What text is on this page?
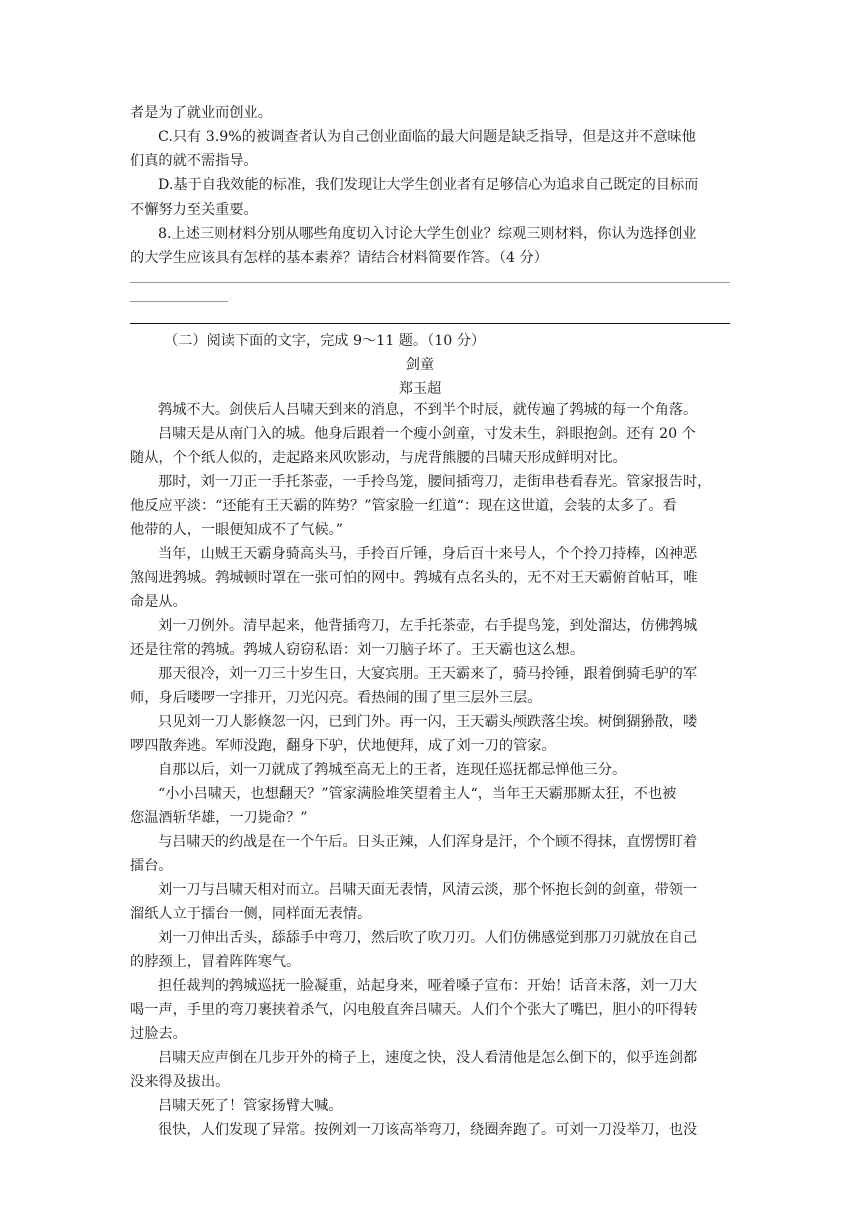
者是为了就业而创业。
C.只有 3.9%的被调查者认为自己创业面临的最大问题是缺乏指导，但是这并不意味他
们真的就不需指导。
D.基于自我效能的标准，我们发现让大学生创业者有足够信心为追求自己既定的目标而
不懈努力至关重要。
8.上述三则材料分别从哪些角度切入讨论大学生创业？综观三则材料，你认为选择创业
的大学生应该具有怎样的基本素养？请结合材料简要作答。（4 分）
（二）阅读下面的文字，完成 9～11 题。（10 分）
剑童
郑玉超
鹁城不大。剑侠后人吕啸天到来的消息，不到半个时辰，就传遍了鹁城的每一个角落。
吕啸天是从南门入的城。他身后跟着一个瘦小剑童，寸发未生，斜眼抱剑。还有 20 个
随从，个个纸人似的，走起路来风吹影动，与虎背熊腰的吕啸天形成鲜明对比。
那时，刘一刀正一手托茶壶，一手拎鸟笼，腰间插弯刀，走街串巷看春光。管家报告时，
他反应平淡：“还能有王天霸的阵势？”管家脸一红道“：现在这世道，会装的太多了。看
他带的人，一眼便知成不了气候。”
当年，山贼王天霸身骑高头马，手拎百斤锤，身后百十来号人，个个拎刀持棒，凶神恶
煞闯进鹁城。鹁城顿时罩在一张可怕的网中。鹁城有点名头的，无不对王天霸俯首帖耳，唯
命是从。
刘一刀例外。清早起来，他背插弯刀，左手托茶壶，右手提鸟笼，到处溜达，仿佛鹁城
还是往常的鹁城。鹁城人窃窃私语：刘一刀脑子坏了。王天霸也这么想。
那天很冷，刘一刀三十岁生日，大宴宾朋。王天霸来了，骑马拎锤，跟着倒骑毛驴的军
师，身后喽啰一字排开，刀光闪亮。看热闹的围了里三层外三层。
只见刘一刀人影倏忽一闪，已到门外。再一闪，王天霸头颅跌落尘埃。树倒猢狲散，喽
啰四散奔逃。军师没跑，翻身下驴，伏地便拜，成了刘一刀的管家。
自那以后，刘一刀就成了鹁城至高无上的王者，连现任巡抚都忌惮他三分。
“小小吕啸天，也想翻天？”管家满脸堆笑望着主人“，当年王天霸那厮太狂，不也被
您温酒斩华雄，一刀毙命？”
与吕啸天的约战是在一个午后。日头正辣，人们浑身是汗，个个顾不得抹，直愣愣盯着
擂台。
刘一刀与吕啸天相对而立。吕啸天面无表情，风清云淡，那个怀抱长剑的剑童，带领一
溜纸人立于擂台一侧，同样面无表情。
刘一刀伸出舌头，舔舔手中弯刀，然后吹了吹刀刃。人们仿佛感觉到那刀刃就放在自己
的脖颈上，冒着阵阵寒气。
担任裁判的鹁城巡抚一脸凝重，站起身来，哑着嗓子宣布：开始！话音未落，刘一刀大
喝一声，手里的弯刀裹挟着杀气，闪电般直奔吕啸天。人们个个张大了嘴巴，胆小的吓得转
过脸去。
吕啸天应声倒在几步开外的椅子上，速度之快，没人看清他是怎么倒下的，似乎连剑都
没来得及拔出。
吕啸天死了！管家扬臂大喊。
很快，人们发现了异常。按例刘一刀该高举弯刀，绕圈奔跑了。可刘一刀没举刀，也没
